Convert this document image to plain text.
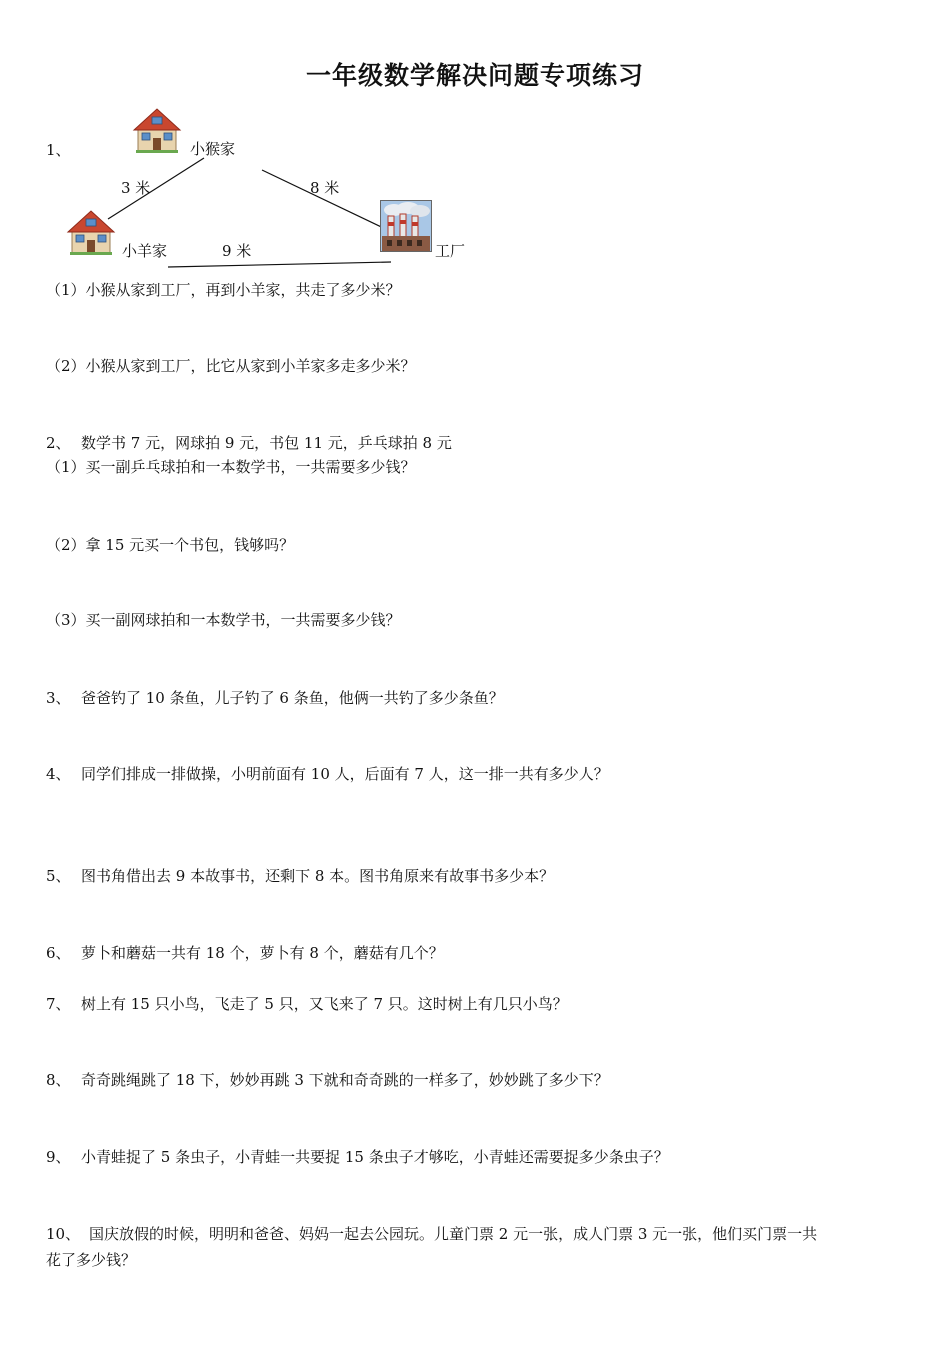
一年级数学解决问题专项练习
1、	小猴家
小羊家	工厂
3 米	8 米
9 米
（1）小猴从家到工厂，再到小羊家，共走了多少米？
（2）小猴从家到工厂，比它从家到小羊家多走多少米？
2、 数学书 7 元，网球拍 9 元，书包 11 元，乒乓球拍 8 元
（1）买一副乒乓球拍和一本数学书，一共需要多少钱？
（2）拿 15 元买一个书包，钱够吗？
（3）买一副网球拍和一本数学书，一共需要多少钱？
3、 爸爸钓了 10 条鱼，儿子钓了 6 条鱼，他俩一共钓了多少条鱼？
4、 同学们排成一排做操，小明前面有 10 人，后面有 7 人，这一排一共有多少人？
5、 图书角借出去 9 本故事书，还剩下 8 本。图书角原来有故事书多少本？
6、 萝卜和蘑菇一共有 18 个，萝卜有 8 个，蘑菇有几个？
7、 树上有 15 只小鸟，飞走了 5 只，又飞来了 7 只。这时树上有几只小鸟？
8、 奇奇跳绳跳了 18 下，妙妙再跳 3 下就和奇奇跳的一样多了，妙妙跳了多少下？
9、 小青蛙捉了 5 条虫子，小青蛙一共要捉 15 条虫子才够吃，小青蛙还需要捉多少条虫子？
10、 国庆放假的时候，明明和爸爸、妈妈一起去公园玩。儿童门票 2 元一张，成人门票 3 元一张，他们买门票一共
花了多少钱？
